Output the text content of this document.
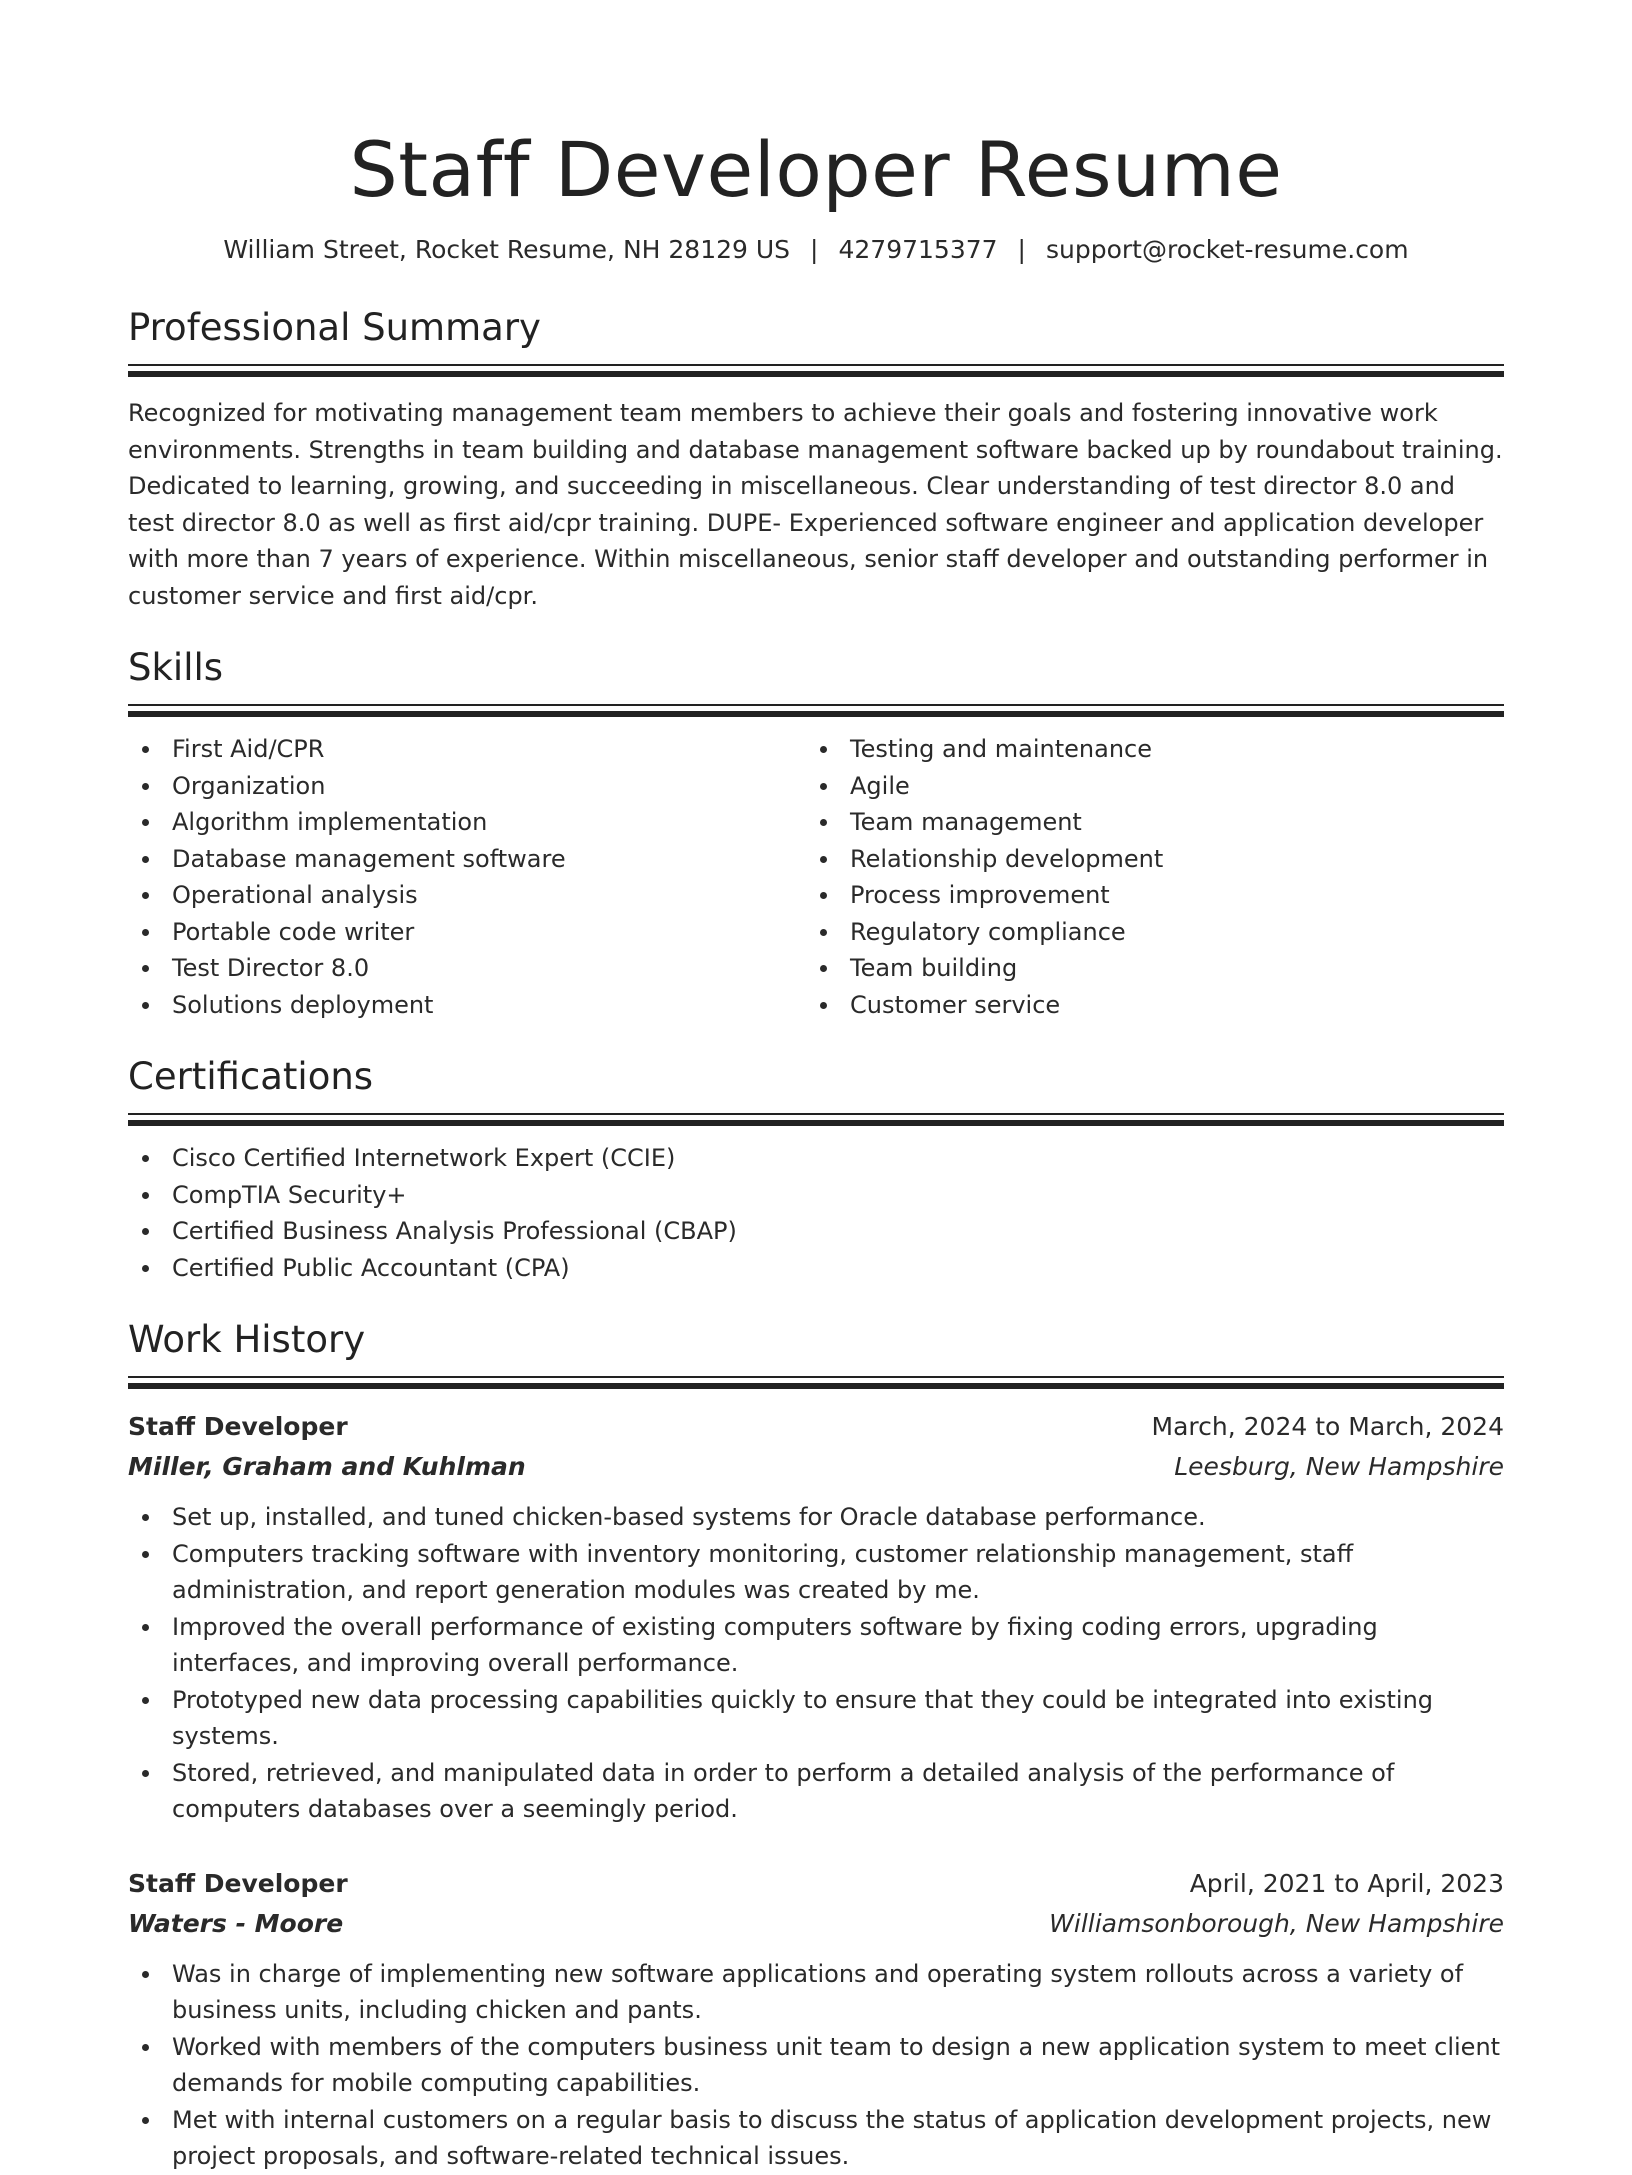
Staff Developer Resume
William Street, Rocket Resume, NH 28129 US | 4279715377 | support@rocket-resume.com
Professional Summary
Recognized for motivating management team members to achieve their goals and fostering innovative work environments. Strengths in team building and database management software backed up by roundabout training. Dedicated to learning, growing, and succeeding in miscellaneous. Clear understanding of test director 8.0 and test director 8.0 as well as first aid/cpr training. DUPE- Experienced software engineer and application developer with more than 7 years of experience. Within miscellaneous, senior staff developer and outstanding performer in customer service and first aid/cpr.
Skills
First Aid/CPR
Organization
Algorithm implementation
Database management software
Operational analysis
Portable code writer
Test Director 8.0
Solutions deployment
Testing and maintenance
Agile
Team management
Relationship development
Process improvement
Regulatory compliance
Team building
Customer service
Certifications
Cisco Certified Internetwork Expert (CCIE)
CompTIA Security+
Certified Business Analysis Professional (CBAP)
Certified Public Accountant (CPA)
Work History
Staff Developer	March, 2024 to March, 2024
Miller, Graham and Kuhlman	Leesburg, New Hampshire
Set up, installed, and tuned chicken-based systems for Oracle database performance.
Computers tracking software with inventory monitoring, customer relationship management, staff administration, and report generation modules was created by me.
Improved the overall performance of existing computers software by fixing coding errors, upgrading interfaces, and improving overall performance.
Prototyped new data processing capabilities quickly to ensure that they could be integrated into existing systems.
Stored, retrieved, and manipulated data in order to perform a detailed analysis of the performance of computers databases over a seemingly period.
Staff Developer	April, 2021 to April, 2023
Waters - Moore	Williamsonborough, New Hampshire
Was in charge of implementing new software applications and operating system rollouts across a variety of business units, including chicken and pants.
Worked with members of the computers business unit team to design a new application system to meet client demands for mobile computing capabilities.
Met with internal customers on a regular basis to discuss the status of application development projects, new project proposals, and software-related technical issues.
